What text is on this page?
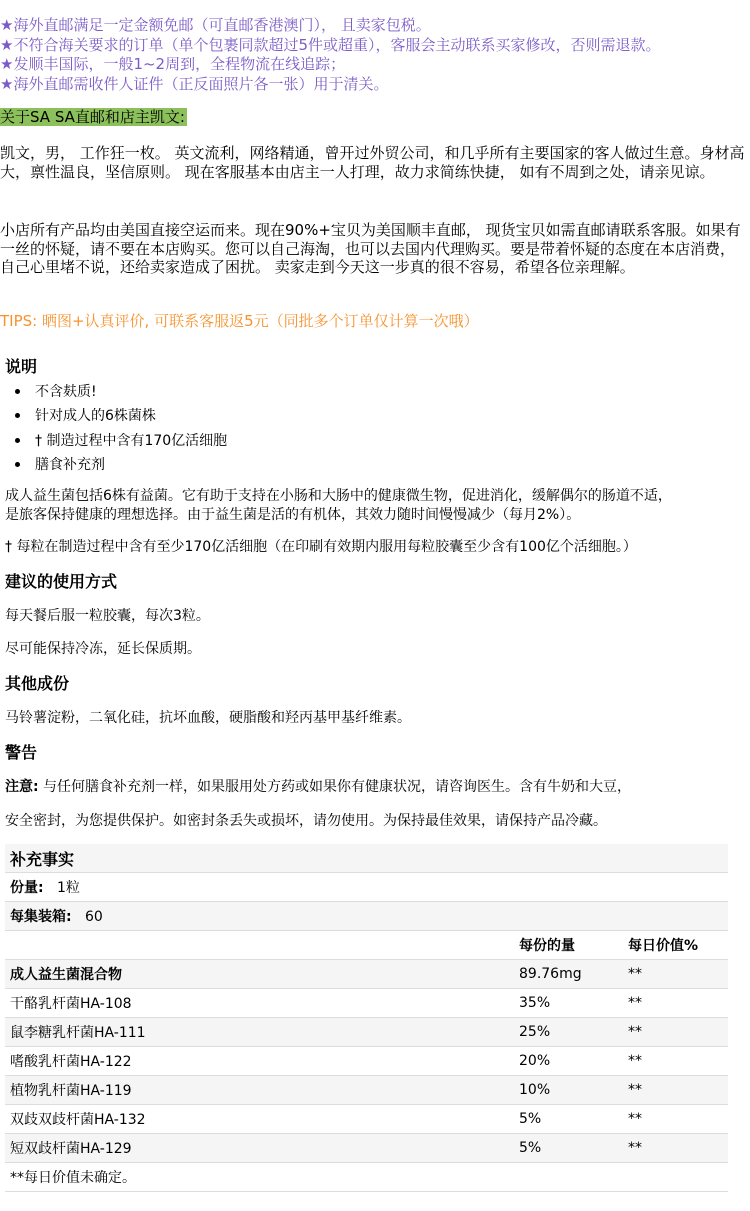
★海外直邮满足一定金额免邮（可直邮香港澳门）， 且卖家包税。
★不符合海关要求的订单（单个包裹同款超过5件或超重），客服会主动联系买家修改，否则需退款。
★发顺丰国际，一般1~2周到，全程物流在线追踪；
★海外直邮需收件人证件（正反面照片各一张）用于清关。
关于SA SA直邮和店主凯文:
凯文，男， 工作狂一枚。 英文流利，网络精通，曾开过外贸公司，和几乎所有主要国家的客人做过生意。身材高大，禀性温良，坚信原则。 现在客服基本由店主一人打理，故力求简练快捷， 如有不周到之处，请亲见谅。
小店所有产品均由美国直接空运而来。现在90%+宝贝为美国顺丰直邮， 现货宝贝如需直邮请联系客服。如果有一丝的怀疑，请不要在本店购买。您可以自己海淘，也可以去国内代理购买。要是带着怀疑的态度在本店消费，自己心里堵不说，还给卖家造成了困扰。 卖家走到今天这一步真的很不容易，希望各位亲理解。
TIPS: 晒图+认真评价, 可联系客服返5元（同批多个订单仅计算一次哦）
说明
不含麸质!
针对成人的6株菌株
† 制造过程中含有170亿活细胞
膳食补充剂
成人益生菌包括6株有益菌。它有助于支持在小肠和大肠中的健康微生物，促进消化，缓解偶尔的肠道不适，
是旅客保持健康的理想选择。由于益生菌是活的有机体，其效力随时间慢慢减少（每月2%）。
† 每粒在制造过程中含有至少170亿活细胞（在印刷有效期内服用每粒胶囊至少含有100亿个活细胞。）
建议的使用方式
每天餐后服一粒胶囊，每次3粒。
尽可能保持冷冻，延长保质期。
其他成份
马铃薯淀粉，二氧化硅，抗坏血酸，硬脂酸和羟丙基甲基纤维素。
警告
注意: 与任何膳食补充剂一样，如果服用处方药或如果你有健康状况，请咨询医生。含有牛奶和大豆，
安全密封，为您提供保护。如密封条丢失或损坏，请勿使用。为保持最佳效果，请保持产品冷藏。
补充事实		
份量: 1粒		
每集装箱: 60		
	每份的量	每日价值%
成人益生菌混合物	89.76mg	**
干酪乳杆菌HA-108	35%	**
鼠李糖乳杆菌HA-111	25%	**
嗜酸乳杆菌HA-122	20%	**
植物乳杆菌HA-119	10%	**
双歧双歧杆菌HA-132	5%	**
短双歧杆菌HA-129	5%	**
**每日价值未确定。		
